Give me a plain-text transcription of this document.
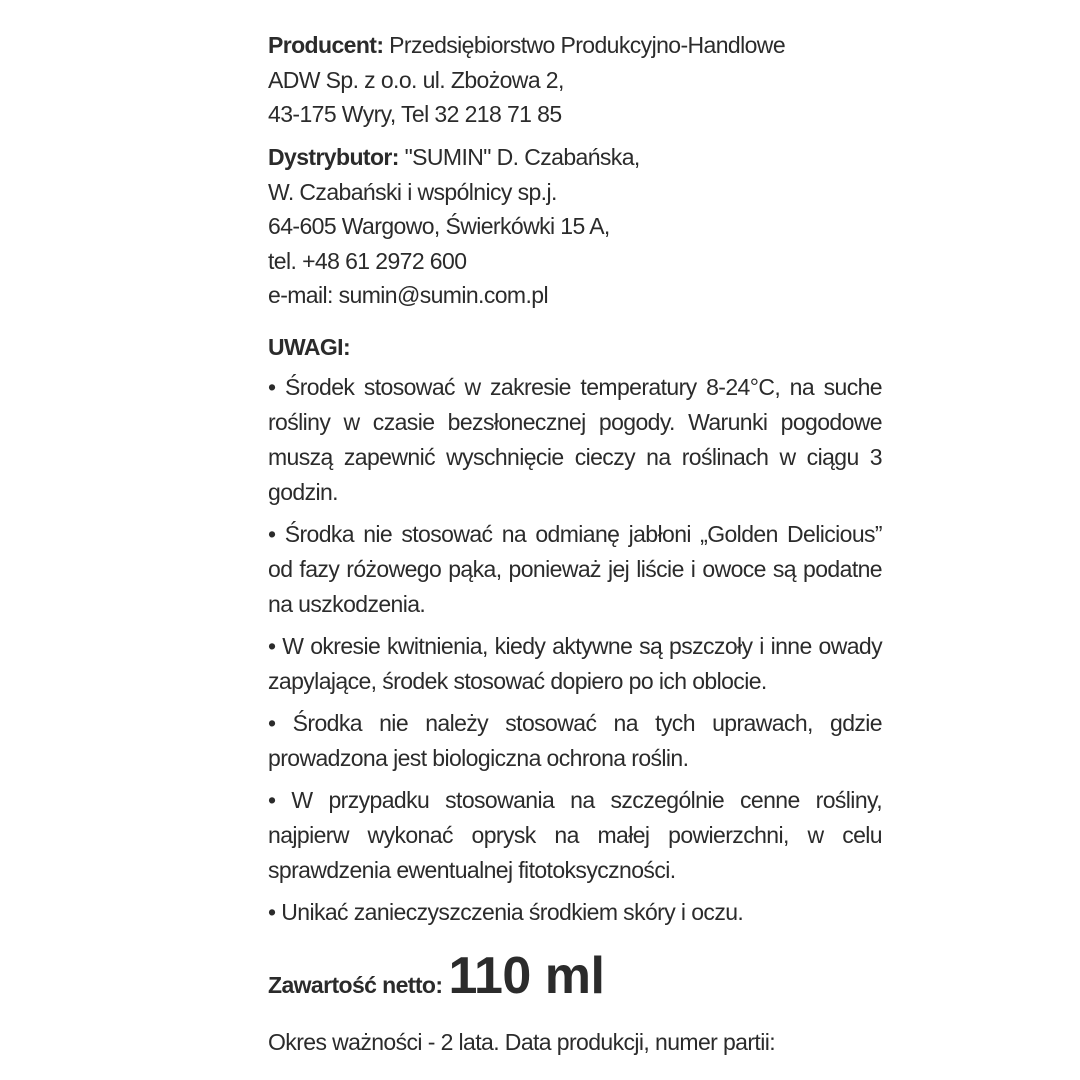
Producent: Przedsiębiorstwo Produkcyjno-Handlowe
ADW Sp. z o.o. ul. Zbożowa 2,
43-175 Wyry, Tel 32 218 71 85
Dystrybutor: "SUMIN" D. Czabańska,
W. Czabański i wspólnicy sp.j.
64-605 Wargowo, Świerkówki 15 A,
tel. +48 61 2972 600
e-mail: sumin@sumin.com.pl
UWAGI:
• Środek stosować w zakresie temperatury 8-24°C, na suche rośliny w czasie bezsłonecznej pogody. Warunki pogodowe muszą zapewnić wyschnięcie cieczy na roślinach w ciągu 3 godzin.
• Środka nie stosować na odmianę jabłoni „Golden Delicious” od fazy różowego pąka, ponieważ jej liście i owoce są podatne na uszkodzenia.
• W okresie kwitnienia, kiedy aktywne są pszczoły i inne owady zapylające, środek stosować dopiero po ich oblocie.
• Środka nie należy stosować na tych uprawach, gdzie prowadzona jest biologiczna ochrona roślin.
• W przypadku stosowania na szczególnie cenne rośliny, najpierw wykonać oprysk na małej powierzchni, w celu sprawdzenia ewentualnej fitotoksyczności.
• Unikać zanieczyszczenia środkiem skóry i oczu.
Zawartość netto: 110 ml
Okres ważności - 2 lata. Data produkcji, numer partii:
